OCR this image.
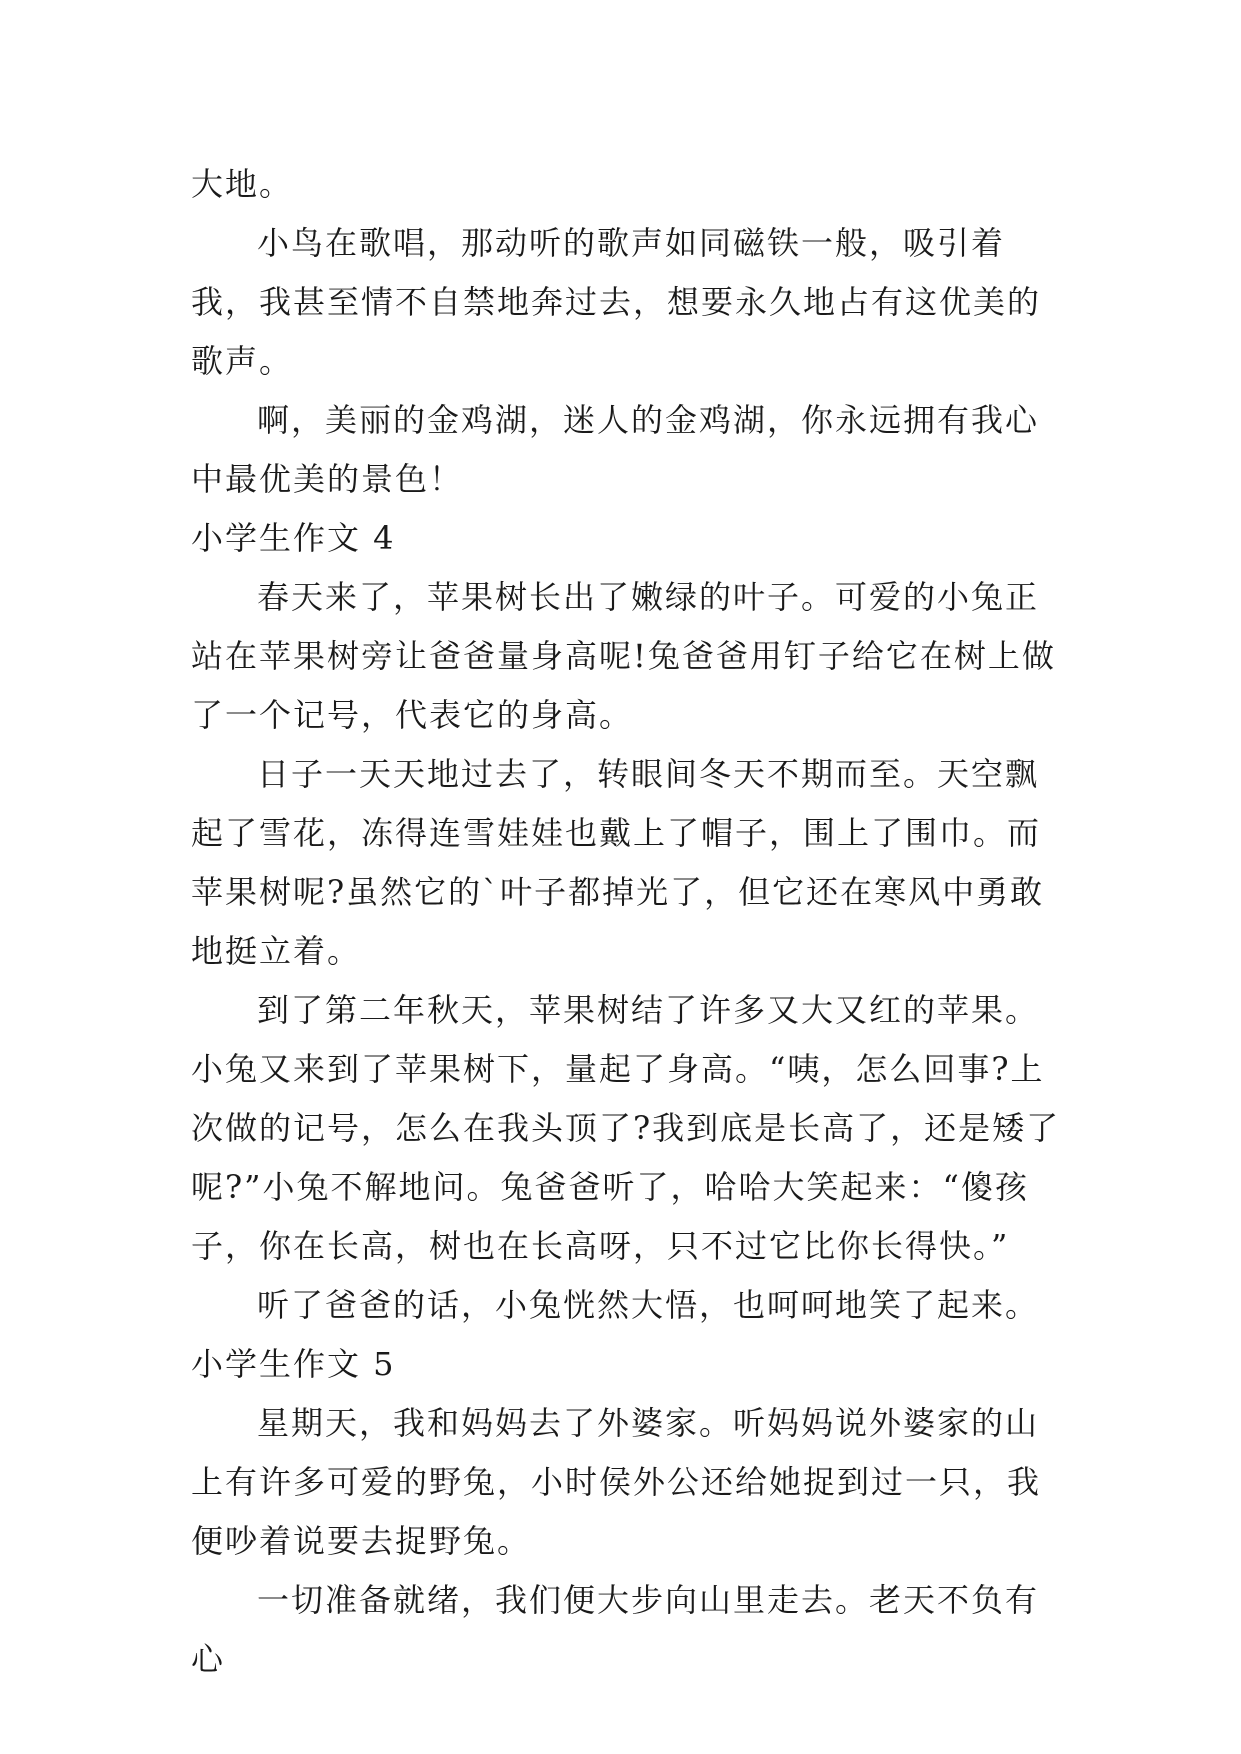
大地。

小鸟在歌唱，那动听的歌声如同磁铁一般，吸引着我，我甚至情不自禁地奔过去，想要永久地占有这优美的歌声。

啊，美丽的金鸡湖，迷人的金鸡湖，你永远拥有我心中最优美的景色！

小学生作文 4

春天来了，苹果树长出了嫩绿的叶子。可爱的小兔正站在苹果树旁让爸爸量身高呢!兔爸爸用钉子给它在树上做了一个记号，代表它的身高。

日子一天天地过去了，转眼间冬天不期而至。天空飘起了雪花，冻得连雪娃娃也戴上了帽子，围上了围巾。而苹果树呢?虽然它的`叶子都掉光了，但它还在寒风中勇敢地挺立着。

到了第二年秋天，苹果树结了许多又大又红的苹果。小兔又来到了苹果树下，量起了身高。“咦，怎么回事?上次做的记号，怎么在我头顶了?我到底是长高了，还是矮了呢?”小兔不解地问。兔爸爸听了，哈哈大笑起来：“傻孩子，你在长高，树也在长高呀，只不过它比你长得快。”

听了爸爸的话，小兔恍然大悟，也呵呵地笑了起来。

小学生作文 5

星期天，我和妈妈去了外婆家。听妈妈说外婆家的山上有许多可爱的野兔，小时侯外公还给她捉到过一只，我便吵着说要去捉野兔。

一切准备就绪，我们便大步向山里走去。老天不负有心
